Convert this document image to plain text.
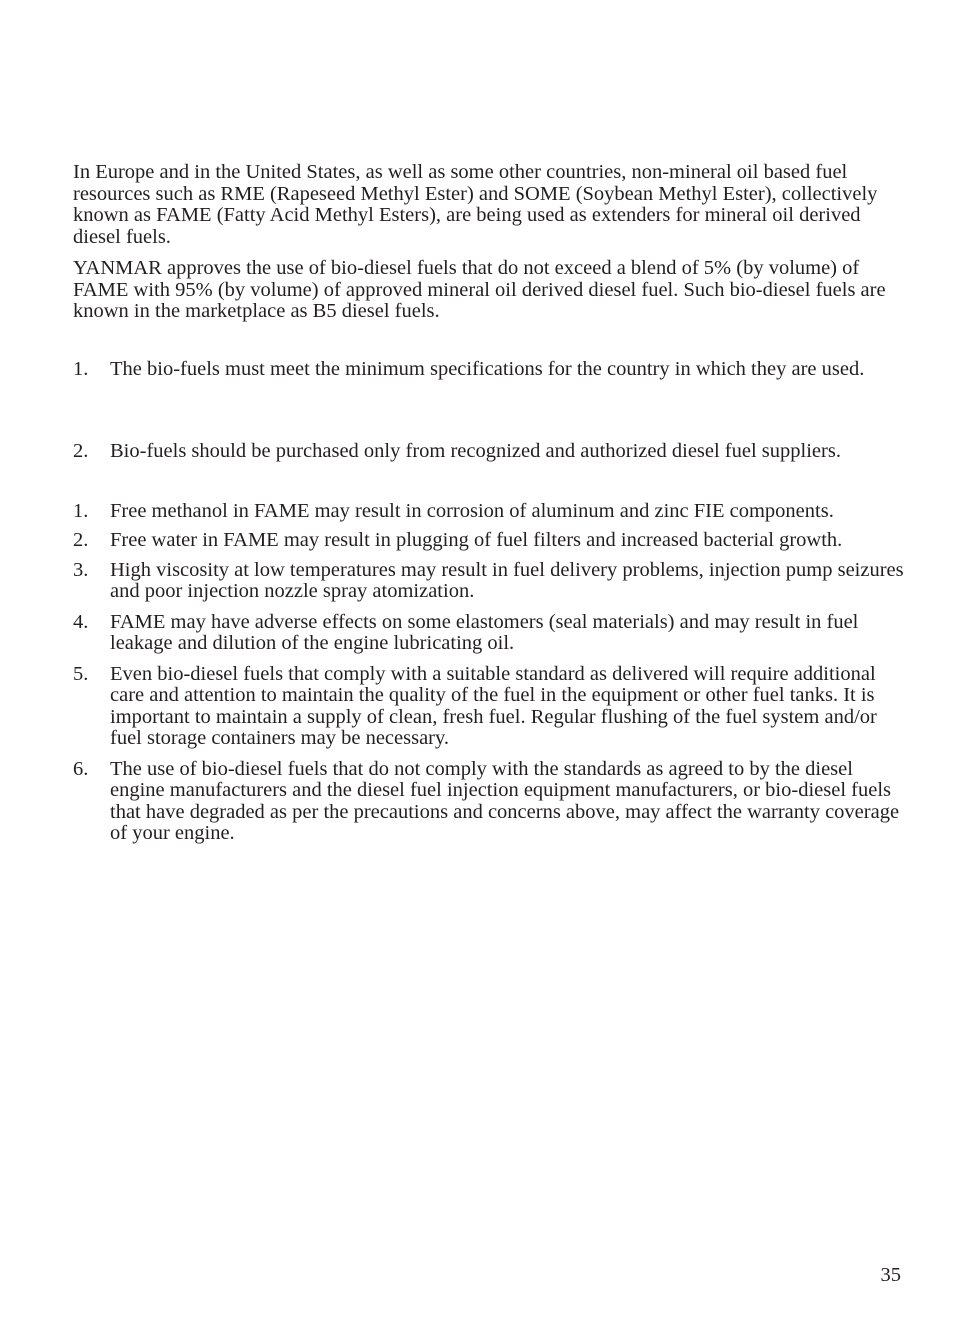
In Europe and in the United States, as well as some other countries, non-mineral oil based fuel resources such as RME (Rapeseed Methyl Ester) and SOME (Soybean Methyl Ester), collectively known as FAME (Fatty Acid Methyl Esters), are being used as extenders for mineral oil derived diesel fuels.

YANMAR approves the use of bio-diesel fuels that do not exceed a blend of 5% (by volume) of FAME with 95% (by volume) of approved mineral oil derived diesel fuel. Such bio-diesel fuels are known in the marketplace as B5 diesel fuels.

1. The bio-fuels must meet the minimum specifications for the country in which they are used.
2. Bio-fuels should be purchased only from recognized and authorized diesel fuel suppliers.
1. Free methanol in FAME may result in corrosion of aluminum and zinc FIE components.
2. Free water in FAME may result in plugging of fuel filters and increased bacterial growth.
3. High viscosity at low temperatures may result in fuel delivery problems, injection pump seizures and poor injection nozzle spray atomization.
4. FAME may have adverse effects on some elastomers (seal materials) and may result in fuel leakage and dilution of the engine lubricating oil.
5. Even bio-diesel fuels that comply with a suitable standard as delivered will require additional care and attention to maintain the quality of the fuel in the equipment or other fuel tanks. It is important to maintain a supply of clean, fresh fuel. Regular flushing of the fuel system and/or fuel storage containers may be necessary.
6. The use of bio-diesel fuels that do not comply with the standards as agreed to by the diesel engine manufacturers and the diesel fuel injection equipment manufacturers, or bio-diesel fuels that have degraded as per the precautions and concerns above, may affect the warranty coverage of your engine.
35
